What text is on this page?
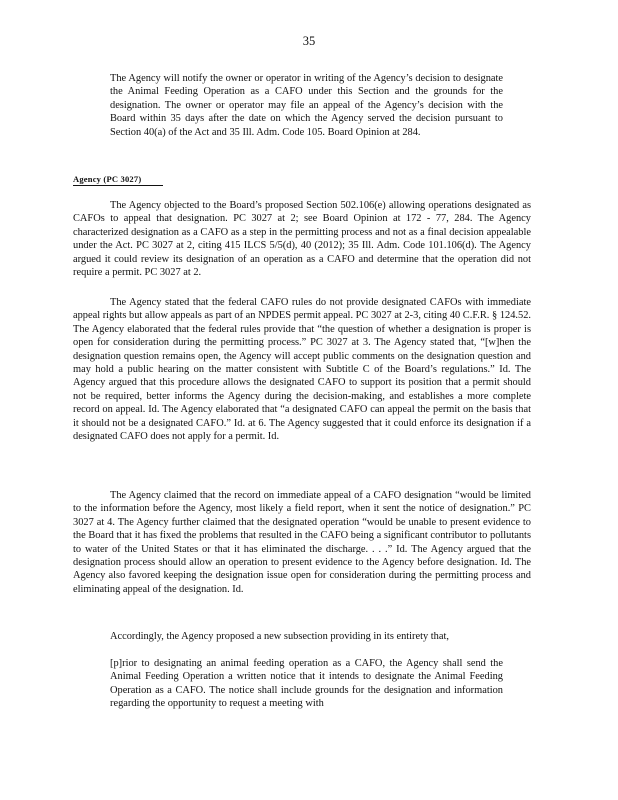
35

The Agency will notify the owner or operator in writing of the Agency’s decision to designate the Animal Feeding Operation as a CAFO under this Section and the grounds for the designation. The owner or operator may file an appeal of the Agency’s decision with the Board within 35 days after the date on which the Agency served the decision pursuant to Section 40(a) of the Act and 35 Ill. Adm. Code 105. Board Opinion at 284.

Agency (PC 3027)

The Agency objected to the Board’s proposed Section 502.106(e) allowing operations designated as CAFOs to appeal that designation. PC 3027 at 2; see Board Opinion at 172 - 77, 284. The Agency characterized designation as a CAFO as a step in the permitting process and not as a final decision appealable under the Act. PC 3027 at 2, citing 415 ILCS 5/5(d), 40 (2012); 35 Ill. Adm. Code 101.106(d). The Agency argued it could review its designation of an operation as a CAFO and determine that the operation did not require a permit. PC 3027 at 2.

The Agency stated that the federal CAFO rules do not provide designated CAFOs with immediate appeal rights but allow appeals as part of an NPDES permit appeal. PC 3027 at 2-3, citing 40 C.F.R. § 124.52. The Agency elaborated that the federal rules provide that “the question of whether a designation is proper is open for consideration during the permitting process.” PC 3027 at 3. The Agency stated that, “[w]hen the designation question remains open, the Agency will accept public comments on the designation question and may hold a public hearing on the matter consistent with Subtitle C of the Board’s regulations.” Id. The Agency argued that this procedure allows the designated CAFO to support its position that a permit should not be required, better informs the Agency during the decision-making, and establishes a more complete record on appeal. Id. The Agency elaborated that “a designated CAFO can appeal the permit on the basis that it should not be a designated CAFO.” Id. at 6. The Agency suggested that it could enforce its designation if a designated CAFO does not apply for a permit. Id.

The Agency claimed that the record on immediate appeal of a CAFO designation “would be limited to the information before the Agency, most likely a field report, when it sent the notice of designation.” PC 3027 at 4. The Agency further claimed that the designated operation “would be unable to present evidence to the Board that it has fixed the problems that resulted in the CAFO being a significant contributor to pollutants to water of the United States or that it has eliminated the discharge. . . .” Id. The Agency argued that the designation process should allow an operation to present evidence to the Agency before designation. Id. The Agency also favored keeping the designation issue open for consideration during the permitting process and eliminating appeal of the designation. Id.

Accordingly, the Agency proposed a new subsection providing in its entirety that,

[p]rior to designating an animal feeding operation as a CAFO, the Agency shall send the Animal Feeding Operation a written notice that it intends to designate the Animal Feeding Operation as a CAFO. The notice shall include grounds for the designation and information regarding the opportunity to request a meeting with
